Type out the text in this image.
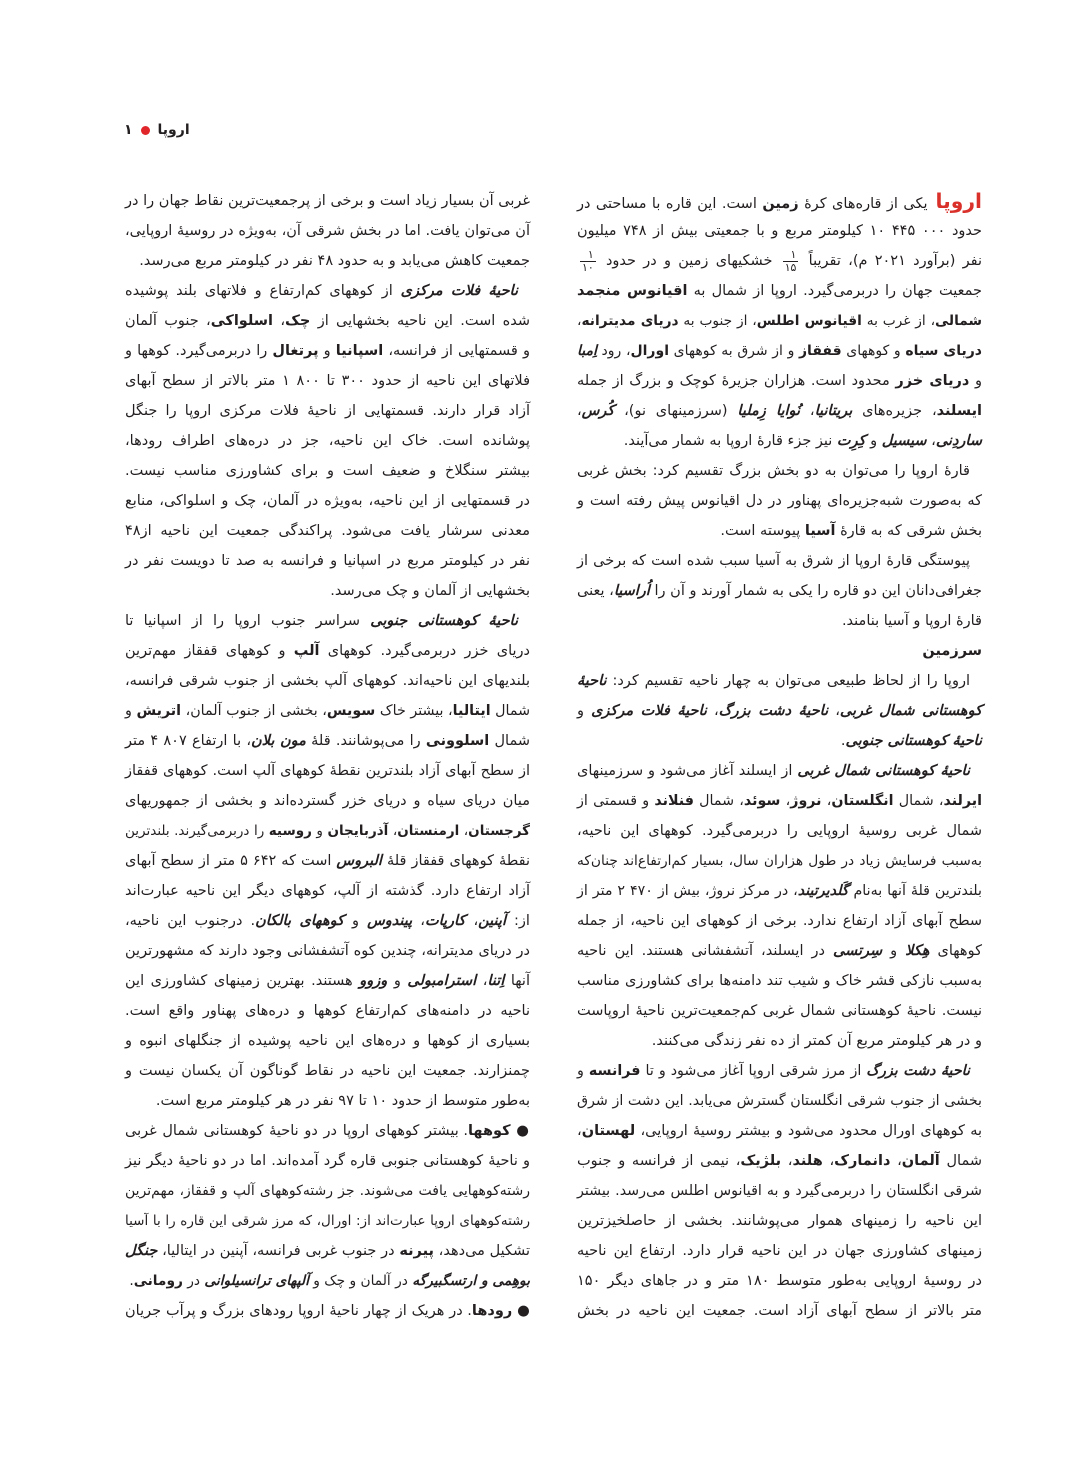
اروپا
۱
اروپایکی از قاره‌های کرهٔ زمین است. این قاره با مساحتی در
حدود ⁦۱۰ ۴۴۵ ۰۰۰⁩ کیلومتر مربع و با جمعیتی بیش از ۷۴۸ میلیون
نفر (برآورد ۲۰۲۱ م)، تقریباً
$\frac{۱}{۱۵}$
خشکیهای زمین و در حدود
$\frac{۱}{۱۰}$
جمعیت جهان را دربرمی‌گیرد. اروپا از شمال به اقیانوس منجمد
شمالی، از غرب به اقیانوس اطلس، از جنوب به دریای مدیترانه،
دریای سیاه و کوههای قفقاز و از شرق به کوههای اورال، رود اِمبا
و دریای خزر محدود است. هزاران جزیرهٔ کوچک و بزرگ از جمله
ایسلند، جزیره‌های بریتانیا، نُوایا زِملیا (سرزمینهای نو)، کُرس،
ساردِنی، سیسیل و کِرِت نیز جزء قارهٔ اروپا به شمار می‌آیند.
قارهٔ اروپا را می‌توان به دو بخش بزرگ تقسیم کرد: بخش غربی
که به‌صورت شبه‌جزیره‌ای پهناور در دل اقیانوس پیش رفته است و
بخش شرقی که به قارهٔ آسیا پیوسته است.
پیوستگی قارهٔ اروپا از شرق به آسیا سبب شده است که برخی از
جغرافی‌دانان این دو قاره را یکی به شمار آورند و آن را اُراسیا، یعنی
قارهٔ اروپا و آسیا بنامند.
سرزمین
اروپا را از لحاظ طبیعی می‌توان به چهار ناحیه تقسیم کرد: ناحیهٔ
کوهستانی شمال غربی، ناحیهٔ دشت بزرگ، ناحیهٔ فلات مرکزی و
ناحیهٔ کوهستانی جنوبی.
ناحیهٔ کوهستانی شمال غربی از ایسلند آغاز می‌شود و سرزمینهای
ایرلند، شمال انگلستان، نروژ، سوئد، شمال فنلاند و قسمتی از
شمال غربی روسیهٔ اروپایی را دربرمی‌گیرد. کوههای این ناحیه،
به‌سبب فرسایش زیاد در طول هزاران سال، بسیار کم‌ارتفاع‌اند چنان‌که
بلندترین قلهٔ آنها به‌نام گَلدیرتیند، در مرکز نروژ، بیش از ⁦۲ ۴۷۰⁩ متر از
سطح آبهای آزاد ارتفاع ندارد. برخی از کوههای این ناحیه، از جمله
کوههای هِکلا و سِرتسی در ایسلند، آتشفشانی هستند. این ناحیه
به‌سبب نازکی قشر خاک و شیب تند دامنه‌ها برای کشاورزی مناسب
نیست. ناحیهٔ کوهستانی شمال غربی کم‌جمعیت‌ترین ناحیهٔ اروپاست
و در هر کیلومتر مربع آن کمتر از ده نفر زندگی می‌کنند.
ناحیهٔ دشت بزرگ از مرز شرقی اروپا آغاز می‌شود و تا فرانسه و
بخشی از جنوب شرقی انگلستان گسترش می‌یابد. این دشت از شرق
به کوههای اورال محدود می‌شود و بیشتر روسیهٔ اروپایی، لهستان،
شمال آلمان، دانمارک، هلند، بلژیک، نیمی از فرانسه و جنوب
شرقی انگلستان را دربرمی‌گیرد و به اقیانوس اطلس می‌رسد. بیشتر
این ناحیه را زمینهای هموار می‌پوشانند. بخشی از حاصلخیزترین
زمینهای کشاورزی جهان در این ناحیه قرار دارد. ارتفاع این ناحیه
در روسیهٔ اروپایی به‌طور متوسط ۱۸۰ متر و در جاهای دیگر ۱۵۰
متر بالاتر از سطح آبهای آزاد است. جمعیت این ناحیه در بخش
غربی آن بسیار زیاد است و برخی از پرجمعیت‌ترین نقاط جهان را در
آن می‌توان یافت. اما در بخش شرقی آن، به‌ویژه در روسیهٔ اروپایی،
جمعیت کاهش می‌یابد و به حدود ۴۸ نفر در کیلومتر مربع می‌رسد.
ناحیهٔ فلات مرکزی از کوههای کم‌ارتفاع و فلاتهای بلند پوشیده
شده است. این ناحیه بخشهایی از چک، اسلواکی، جنوب آلمان
و قسمتهایی از فرانسه، اسپانیا و پرتغال را دربرمی‌گیرد. کوهها و
فلاتهای این ناحیه از حدود ۳۰۰ تا ⁦۱ ۸۰۰⁩ متر بالاتر از سطح آبهای
آزاد قرار دارند. قسمتهایی از ناحیهٔ فلات مرکزی اروپا را جنگل
پوشانده است. خاک این ناحیه، جز در دره‌های اطراف رودها،
بیشتر سنگلاخ و ضعیف است و برای کشاورزی مناسب نیست.
در قسمتهایی از این ناحیه، به‌ویژه در آلمان، چک و اسلواکی، منابع
معدنی سرشار یافت می‌شود. پراکندگی جمعیت این ناحیه از۴۸
نفر در کیلومتر مربع در اسپانیا و فرانسه به صد تا دویست نفر در
بخشهایی از آلمان و چک می‌رسد.
ناحیهٔ کوهستانی جنوبی سراسر جنوب اروپا را از اسپانیا تا
دریای خزر دربرمی‌گیرد. کوههای آلپ و کوههای قفقاز مهم‌ترین
بلندیهای این ناحیه‌اند. کوههای آلپ بخشی از جنوب شرقی فرانسه،
شمال ایتالیا، بیشتر خاک سویس، بخشی از جنوب آلمان، اتریش و
شمال اسلوونی را می‌پوشانند. قلهٔ مون بلان، با ارتفاع ⁦۴ ۸۰۷⁩ متر
از سطح آبهای آزاد بلندترین نقطهٔ کوههای آلپ است. کوههای قفقاز
میان دریای سیاه و دریای خزر گسترده‌اند و بخشی از جمهوریهای
گرجستان، ارمنستان، آذربایجان و روسیه را دربرمی‌گیرند. بلندترین
نقطهٔ کوههای قفقاز قلهٔ البروس است که ⁦۵ ۶۴۲⁩ متر از سطح آبهای
آزاد ارتفاع دارد. گذشته از آلپ، کوههای دیگر این ناحیه عبارت‌اند
از: آپنین، کارپات، پیندوس و کوههای بالکان. درجنوب این ناحیه،
در دریای مدیترانه، چندین کوه آتشفشانی وجود دارند که مشهورترین
آنها اِتنا، استرامبولی و وزوو هستند. بهترین زمینهای کشاورزی این
ناحیه در دامنه‌های کم‌ارتفاع کوهها و دره‌های پهناور واقع است.
بسیاری از کوهها و دره‌های این ناحیه پوشیده از جنگلهای انبوه و
چمنزارند. جمعیت این ناحیه در نقاط گوناگون آن یکسان نیست و
به‌طور متوسط از حدود ۱۰ تا ۹۷ نفر در هر کیلومتر مربع است.
● کوهها. بیشتر کوههای اروپا در دو ناحیهٔ کوهستانی شمال غربی
و ناحیهٔ کوهستانی جنوبی قاره گرد آمده‌اند. اما در دو ناحیهٔ دیگر نیز
رشته‌کوههایی یافت می‌شوند. جز رشته‌کوههای آلپ و قفقاز، مهم‌ترین
رشته‌کوههای اروپا عبارت‌اند از: اورال، که مرز شرقی این قاره را با آسیا
تشکیل می‌دهد، پیرنه در جنوب غربی فرانسه، آپنین در ایتالیا، جنگل
بوهِمی و ارتسگبیرگه در آلمان و چک و آلپهای ترانسیلوانی در رومانی.
● رودها. در هریک از چهار ناحیهٔ اروپا رودهای بزرگ و پرآب جریان
